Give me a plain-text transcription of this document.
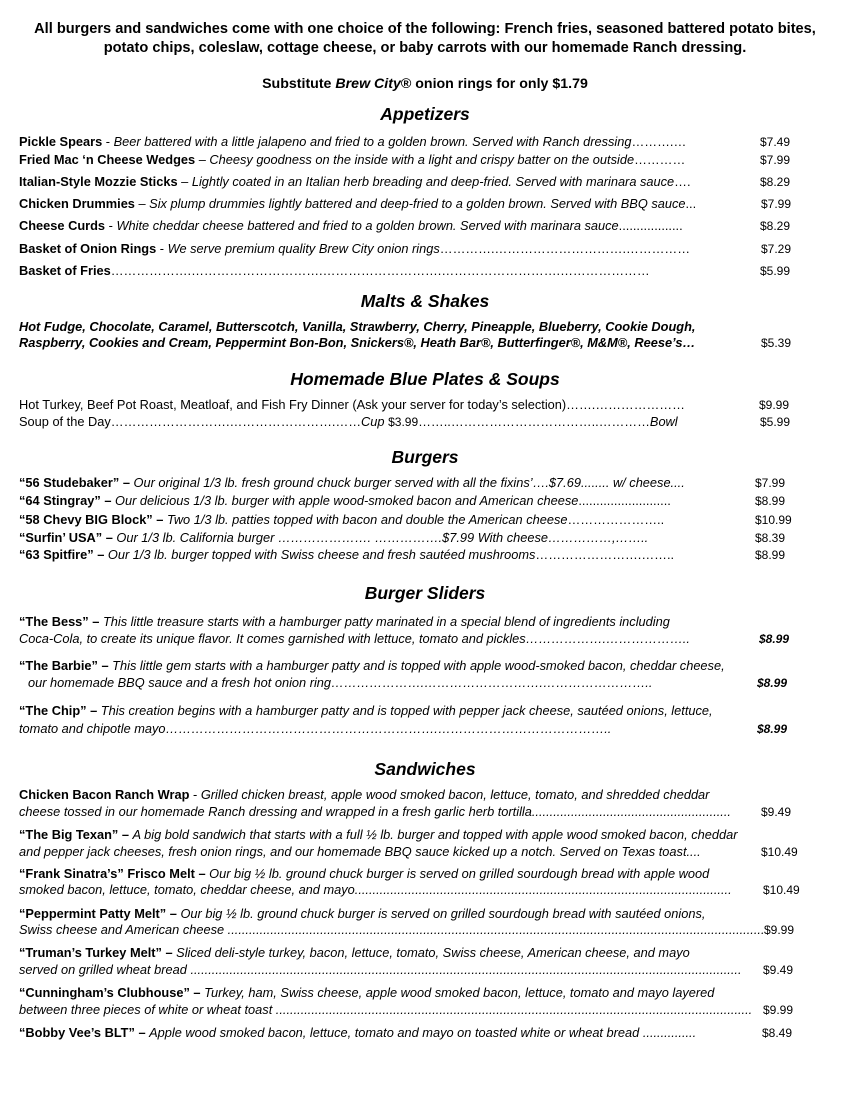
All burgers and sandwiches come with one choice of the following: French fries, seasoned battered potato bites, potato chips, coleslaw, cottage cheese, or baby carrots with our homemade Ranch dressing.
Substitute Brew City® onion rings for only $1.79
Appetizers
Pickle Spears - Beer battered with a little jalapeno and fried to a golden brown. Served with Ranch dressing……….…	$7.49
Fried Mac ‘n Cheese Wedges – Cheesy goodness on the inside with a light and crispy batter on the outside…………	$7.99
Italian-Style Mozzie Sticks – Lightly coated in an Italian herb breading and deep-fried. Served with marinara sauce….	$8.29
Chicken Drummies – Six plump drummies lightly battered and deep-fried to a golden brown. Served with BBQ sauce...	$7.99
Cheese Curds - White cheddar cheese battered and fried to a golden brown. Served with marinara sauce..................	$8.29
Basket of Onion Rings - We serve premium quality Brew City onion rings………….………………………….……………	$7.29
Basket of Fries……………….………………………….……………………….……………………….…………………	$5.99
Malts & Shakes
Hot Fudge, Chocolate, Caramel, Butterscotch, Vanilla, Strawberry, Cherry, Pineapple, Blueberry, Cookie Dough,
Raspberry, Cookies and Cream, Peppermint Bon-Bon, Snickers®, Heath Bar®, Butterfinger®, M&M®, Reese’s…	$5.39
Homemade Blue Plates & Soups
Hot Turkey, Beef Pot Roast, Meatloaf, and Fish Fry Dinner (Ask your server for today’s selection)…….…………………	$9.99
Soup of the Day……………………….…………………….……Cup $3.99……..……………………………..…………Bowl	$5.99
Burgers
“56 Studebaker” – Our original 1/3 lb. fresh ground chuck burger served with all the fixins’….$7.69........ w/ cheese....	$7.99
“64 Stingray” – Our delicious 1/3 lb. burger with apple wood-smoked bacon and American cheese..........................	$8.99
“58 Chevy BIG Block” – Two 1/3 lb. patties topped with bacon and double the American cheese…………………..	$10.99
“Surfin’ USA” – Our 1/3 lb. California burger …………………. …………….$7.99 With cheese……………,……..	$8.39
“63 Spitfire” – Our 1/3 lb. burger topped with Swiss cheese and fresh sautéed mushrooms…………………….……..	$8.99
Burger Sliders
“The Bess” – This little treasure starts with a hamburger patty marinated in a special blend of ingredients including
Coca-Cola, to create its unique flavor. It comes garnished with lettuce, tomato and pickles……………….………………..	$8.99
“The Barbie” – This little gem starts with a hamburger patty and is topped with apple wood-smoked bacon, cheddar cheese,
our homemade BBQ sauce and a fresh hot onion ring………………….……………………….……………………..	$8.99
“The Chip” – This creation begins with a hamburger patty and is topped with pepper jack cheese, sautéed onions, lettuce,
tomato and chipotle mayo……………………………………………………….…………………………………..	$8.99
Sandwiches
Chicken Bacon Ranch Wrap - Grilled chicken breast, apple wood smoked bacon, lettuce, tomato, and shredded cheddar
cheese tossed in our homemade Ranch dressing and wrapped in a fresh garlic herb tortilla........................................................	$9.49
“The Big Texan” – A big bold sandwich that starts with a full ½ lb. burger and topped with apple wood smoked bacon, cheddar
and pepper jack cheeses, fresh onion rings, and our homemade BBQ sauce kicked up a notch. Served on Texas toast....	$10.49
“Frank Sinatra’s” Frisco Melt – Our big ½ lb. ground chuck burger is served on grilled sourdough bread with apple wood
smoked bacon, lettuce, tomato, cheddar cheese, and mayo..........................................................................................................	$10.49
“Peppermint Patty Melt” – Our big ½ lb. ground chuck burger is served on grilled sourdough bread with sautéed onions,
Swiss cheese and American cheese ....................................................................................................................................................... $9.99
“Truman’s Turkey Melt” – Sliced deli-style turkey, bacon, lettuce, tomato, Swiss cheese, American cheese, and mayo
served on grilled wheat bread ........................................................................................................................................................... $9.49
“Cunningham’s Clubhouse” – Turkey, ham, Swiss cheese, apple wood smoked bacon, lettuce, tomato and mayo layered
between three pieces of white or wheat toast ...................................................................................................................................... $9.99
“Bobby Vee’s BLT” – Apple wood smoked bacon, lettuce, tomato and mayo on toasted white or wheat bread ...............	$8.49
